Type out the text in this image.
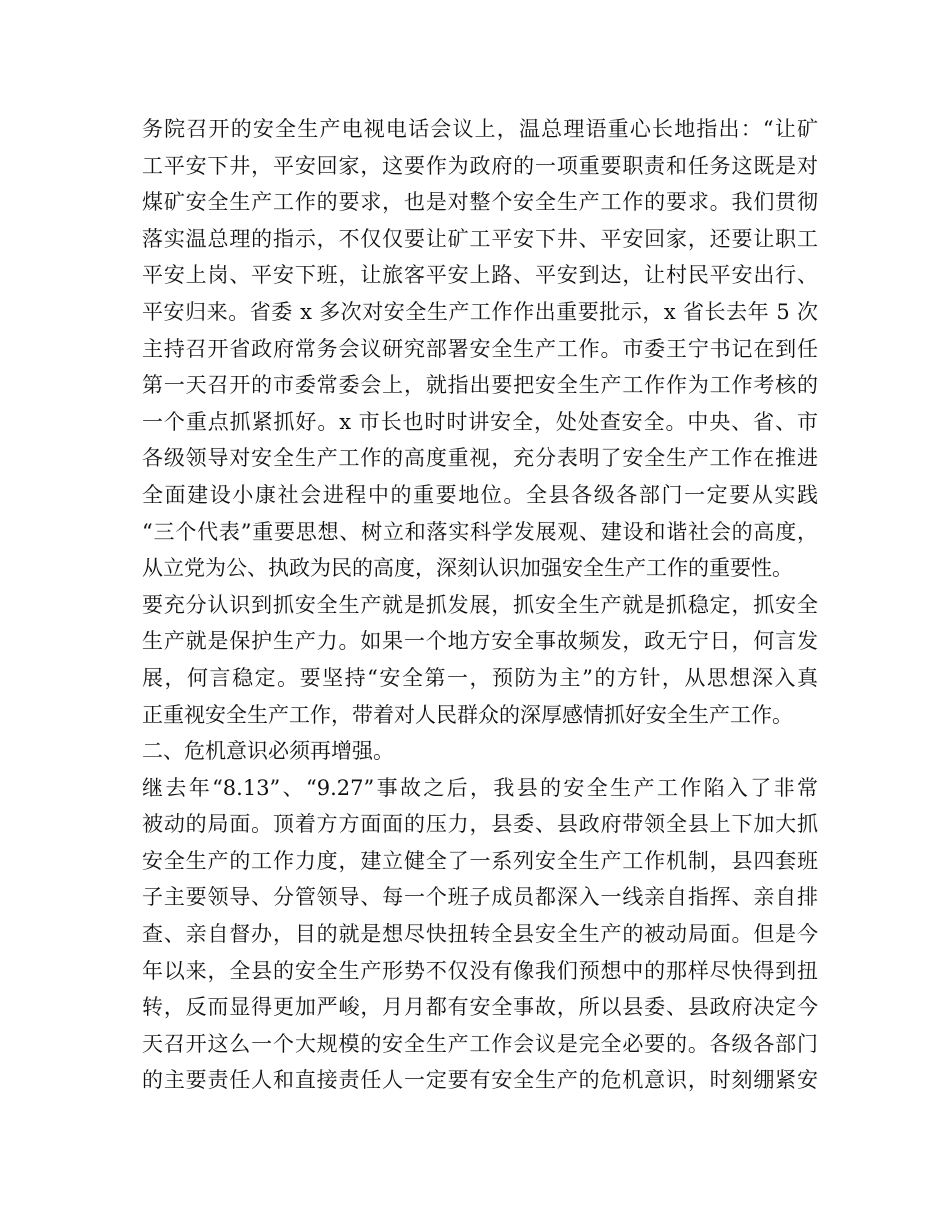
务院召开的安全生产电视电话会议上，温总理语重心长地指出：“让矿
工平安下井，平安回家，这要作为政府的一项重要职责和任务这既是对
煤矿安全生产工作的要求，也是对整个安全生产工作的要求。我们贯彻
落实温总理的指示，不仅仅要让矿工平安下井、平安回家，还要让职工
平安上岗、平安下班，让旅客平安上路、平安到达，让村民平安出行、
平安归来。省委 x 多次对安全生产工作作出重要批示，x 省长去年 5 次
主持召开省政府常务会议研究部署安全生产工作。市委王宁书记在到任
第一天召开的市委常委会上，就指出要把安全生产工作作为工作考核的
一个重点抓紧抓好。x 市长也时时讲安全，处处查安全。中央、省、市
各级领导对安全生产工作的高度重视，充分表明了安全生产工作在推进
全面建设小康社会进程中的重要地位。全县各级各部门一定要从实践
“三个代表”重要思想、树立和落实科学发展观、建设和谐社会的高度，
从立党为公、执政为民的高度，深刻认识加强安全生产工作的重要性。
要充分认识到抓安全生产就是抓发展，抓安全生产就是抓稳定，抓安全
生产就是保护生产力。如果一个地方安全事故频发，政无宁日，何言发
展，何言稳定。要坚持“安全第一，预防为主”的方针，从思想深入真
正重视安全生产工作，带着对人民群众的深厚感情抓好安全生产工作。
二、危机意识必须再增强。
继去年“8.13”、“9.27”事故之后，我县的安全生产工作陷入了非常
被动的局面。顶着方方面面的压力，县委、县政府带领全县上下加大抓
安全生产的工作力度，建立健全了一系列安全生产工作机制，县四套班
子主要领导、分管领导、每一个班子成员都深入一线亲自指挥、亲自排
查、亲自督办，目的就是想尽快扭转全县安全生产的被动局面。但是今
年以来，全县的安全生产形势不仅没有像我们预想中的那样尽快得到扭
转，反而显得更加严峻，月月都有安全事故，所以县委、县政府决定今
天召开这么一个大规模的安全生产工作会议是完全必要的。各级各部门
的主要责任人和直接责任人一定要有安全生产的危机意识，时刻绷紧安
